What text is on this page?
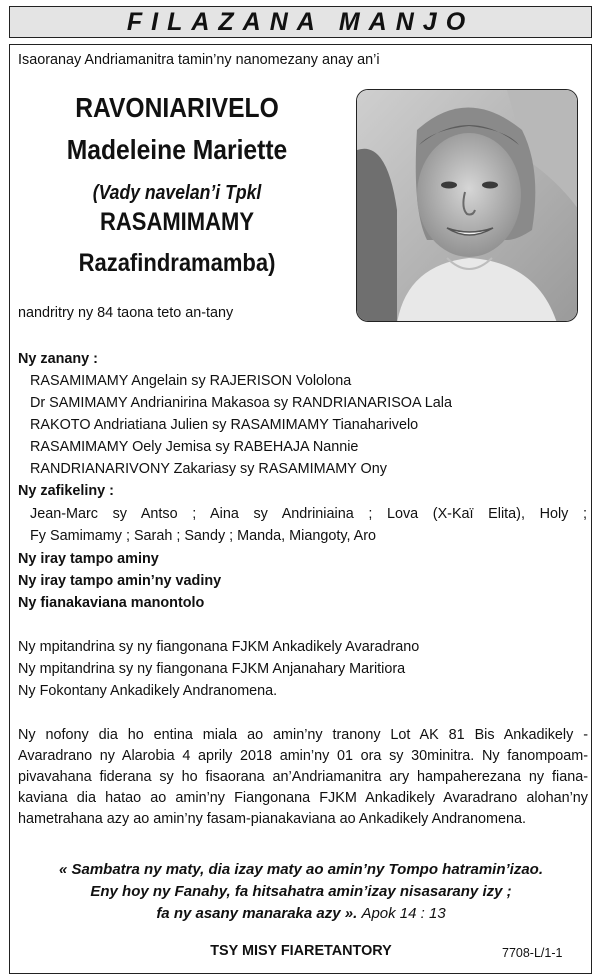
FILAZANA MANJO
Isaoranay Andriamanitra tamin’ny nanomezany anay an’i
RAVONIARIVELO
Madeleine Mariette
(Vady navelan’i Tpkl
RASAMIMAMY
Razafindramamba)
nandritry ny 84 taona teto an-tany
Ny zanany :
RASAMIMAMY Angelain sy RAJERISON Vololona
Dr SAMIMAMY Andrianirina Makasoa sy RANDRIANARISOA Lala
RAKOTO Andriatiana Julien sy RASAMIMAMY Tianaharivelo
RASAMIMAMY Oely Jemisa sy RABEHAJA Nannie
RANDRIANARIVONY Zakariasy sy RASAMIMAMY Ony
Ny zafikeliny :
Jean-Marc sy Antso ; Aina sy Andriniaina ; Lova (X-Kaï Elita), Holy ;
Fy Samimamy ; Sarah ; Sandy ; Manda, Miangoty, Aro
Ny iray tampo aminy
Ny iray tampo amin’ny vadiny
Ny fianakaviana manontolo
Ny mpitandrina sy ny fiangonana FJKM Ankadikely Avaradrano
Ny mpitandrina sy ny fiangonana FJKM Anjanahary Maritiora
Ny Fokontany Ankadikely Andranomena.
Ny nofony dia ho entina miala ao amin’ny tranony Lot AK 81 Bis Ankadikely -
Avaradrano ny Alarobia 4 aprily 2018 amin’ny 01 ora sy 30minitra. Ny fanompoam-
pivavahana fiderana sy ho fisaorana an’Andriamanitra ary hampaherezana ny fiana-
kaviana dia hatao ao amin’ny Fiangonana FJKM Ankadikely Avaradrano alohan’ny
hametrahana azy ao amin’ny fasam-pianakaviana ao Ankadikely Andranomena.
« Sambatra ny maty, dia izay maty ao amin’ny Tompo hatramin’izao.
Eny hoy ny Fanahy, fa hitsahatra amin’izay nisasarany izy ;
fa ny asany manaraka azy ». Apok 14 : 13
TSY MISY FIARETANTORY	7708-L/1-1
